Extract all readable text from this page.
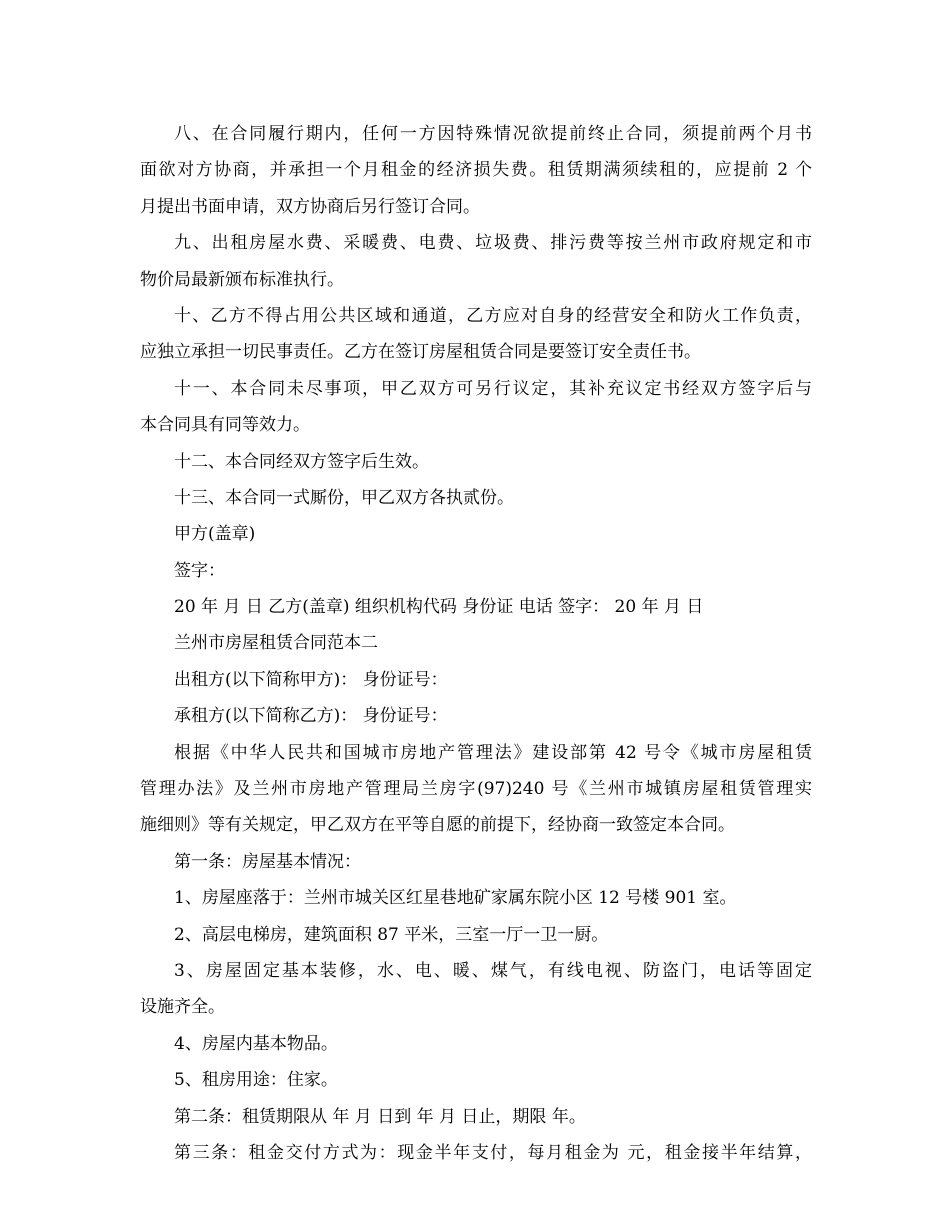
八、在合同履行期内，任何一方因特殊情况欲提前终止合同，须提前两个月书
面欲对方协商，并承担一个月租金的经济损失费。租赁期满须续租的，应提前 2 个
月提出书面申请，双方协商后另行签订合同。
九、出租房屋水费、采暖费、电费、垃圾费、排污费等按兰州市政府规定和市
物价局最新颁布标准执行。
十、乙方不得占用公共区域和通道，乙方应对自身的经营安全和防火工作负责，
应独立承担一切民事责任。乙方在签订房屋租赁合同是要签订安全责任书。
十一、本合同未尽事项，甲乙双方可另行议定，其补充议定书经双方签字后与
本合同具有同等效力。
十二、本合同经双方签字后生效。
十三、本合同一式厮份，甲乙双方各执贰份。
甲方(盖章)
签字：
20 年 月 日 乙方(盖章) 组织机构代码 身份证 电话 签字： 20 年 月 日
兰州市房屋租赁合同范本二
出租方(以下简称甲方)： 身份证号：
承租方(以下简称乙方)： 身份证号：
根据《中华人民共和国城市房地产管理法》建设部第 42 号令《城市房屋租赁
管理办法》及兰州市房地产管理局兰房字(97)240 号《兰州市城镇房屋租赁管理实
施细则》等有关规定，甲乙双方在平等自愿的前提下，经协商一致签定本合同。
第一条：房屋基本情况：
1、房屋座落于：兰州市城关区红星巷地矿家属东院小区 12 号楼 901 室。
2、高层电梯房，建筑面积 87 平米，三室一厅一卫一厨。
3、房屋固定基本装修，水、电、暖、煤气，有线电视、防盗门，电话等固定
设施齐全。
4、房屋内基本物品。
5、租房用途：住家。
第二条：租赁期限从 年 月 日到 年 月 日止，期限 年。
第三条：租金交付方式为：现金半年支付，每月租金为 元，租金接半年结算，
